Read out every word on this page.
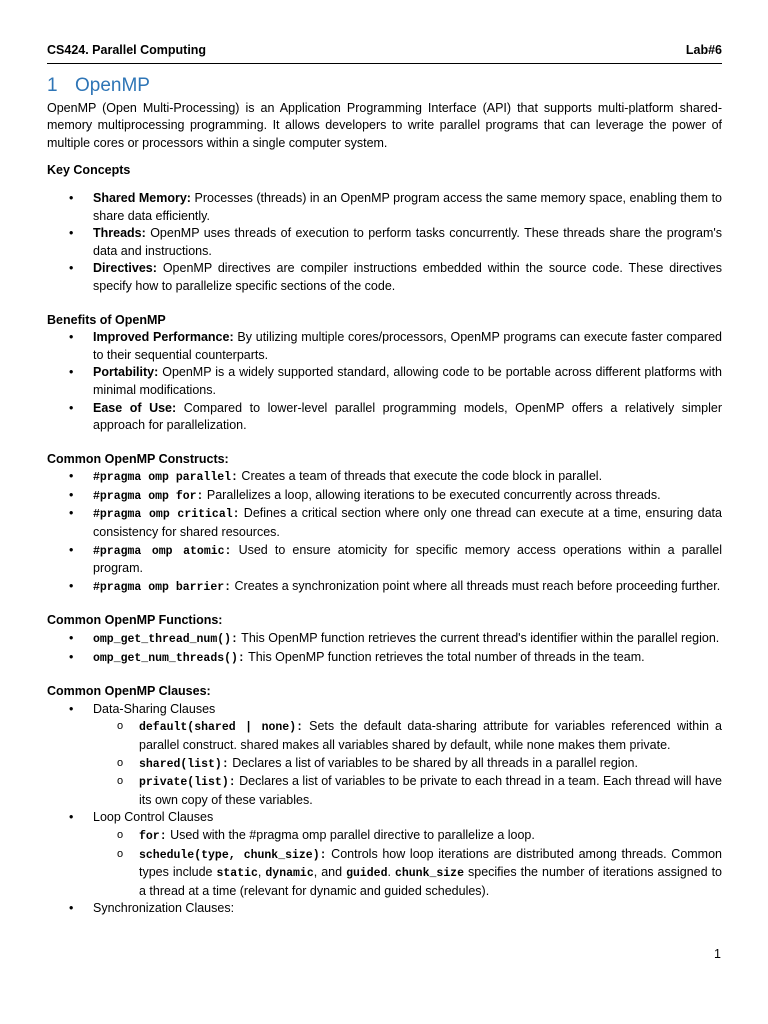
CS424. Parallel Computing	Lab#6
1 OpenMP

OpenMP (Open Multi-Processing) is an Application Programming Interface (API) that supports multi-platform shared-memory multiprocessing programming. It allows developers to write parallel programs that can leverage the power of multiple cores or processors within a single computer system.

Key Concepts
• Shared Memory: Processes (threads) in an OpenMP program access the same memory space, enabling them to share data efficiently.
• Threads: OpenMP uses threads of execution to perform tasks concurrently. These threads share the program's data and instructions.
• Directives: OpenMP directives are compiler instructions embedded within the source code. These directives specify how to parallelize specific sections of the code.
Benefits of OpenMP
• Improved Performance: By utilizing multiple cores/processors, OpenMP programs can execute faster compared to their sequential counterparts.
• Portability: OpenMP is a widely supported standard, allowing code to be portable across different platforms with minimal modifications.
• Ease of Use: Compared to lower-level parallel programming models, OpenMP offers a relatively simpler approach for parallelization.
Common OpenMP Constructs:
• #pragma omp parallel: Creates a team of threads that execute the code block in parallel.
• #pragma omp for: Parallelizes a loop, allowing iterations to be executed concurrently across threads.
• #pragma omp critical: Defines a critical section where only one thread can execute at a time, ensuring data consistency for shared resources.
• #pragma omp atomic: Used to ensure atomicity for specific memory access operations within a parallel program.
• #pragma omp barrier: Creates a synchronization point where all threads must reach before proceeding further.
Common OpenMP Functions:
• omp_get_thread_num(): This OpenMP function retrieves the current thread's identifier within the parallel region.
• omp_get_num_threads(): This OpenMP function retrieves the total number of threads in the team.
Common OpenMP Clauses:
• Data-Sharing Clauses
o default(shared | none): Sets the default data-sharing attribute for variables referenced within a parallel construct. shared makes all variables shared by default, while none makes them private.
o shared(list): Declares a list of variables to be shared by all threads in a parallel region.
o private(list): Declares a list of variables to be private to each thread in a team. Each thread will have its own copy of these variables.
• Loop Control Clauses
o for: Used with the #pragma omp parallel directive to parallelize a loop.
o schedule(type, chunk_size): Controls how loop iterations are distributed among threads. Common types include static, dynamic, and guided. chunk_size specifies the number of iterations assigned to a thread at a time (relevant for dynamic and guided schedules).
• Synchronization Clauses:
1
